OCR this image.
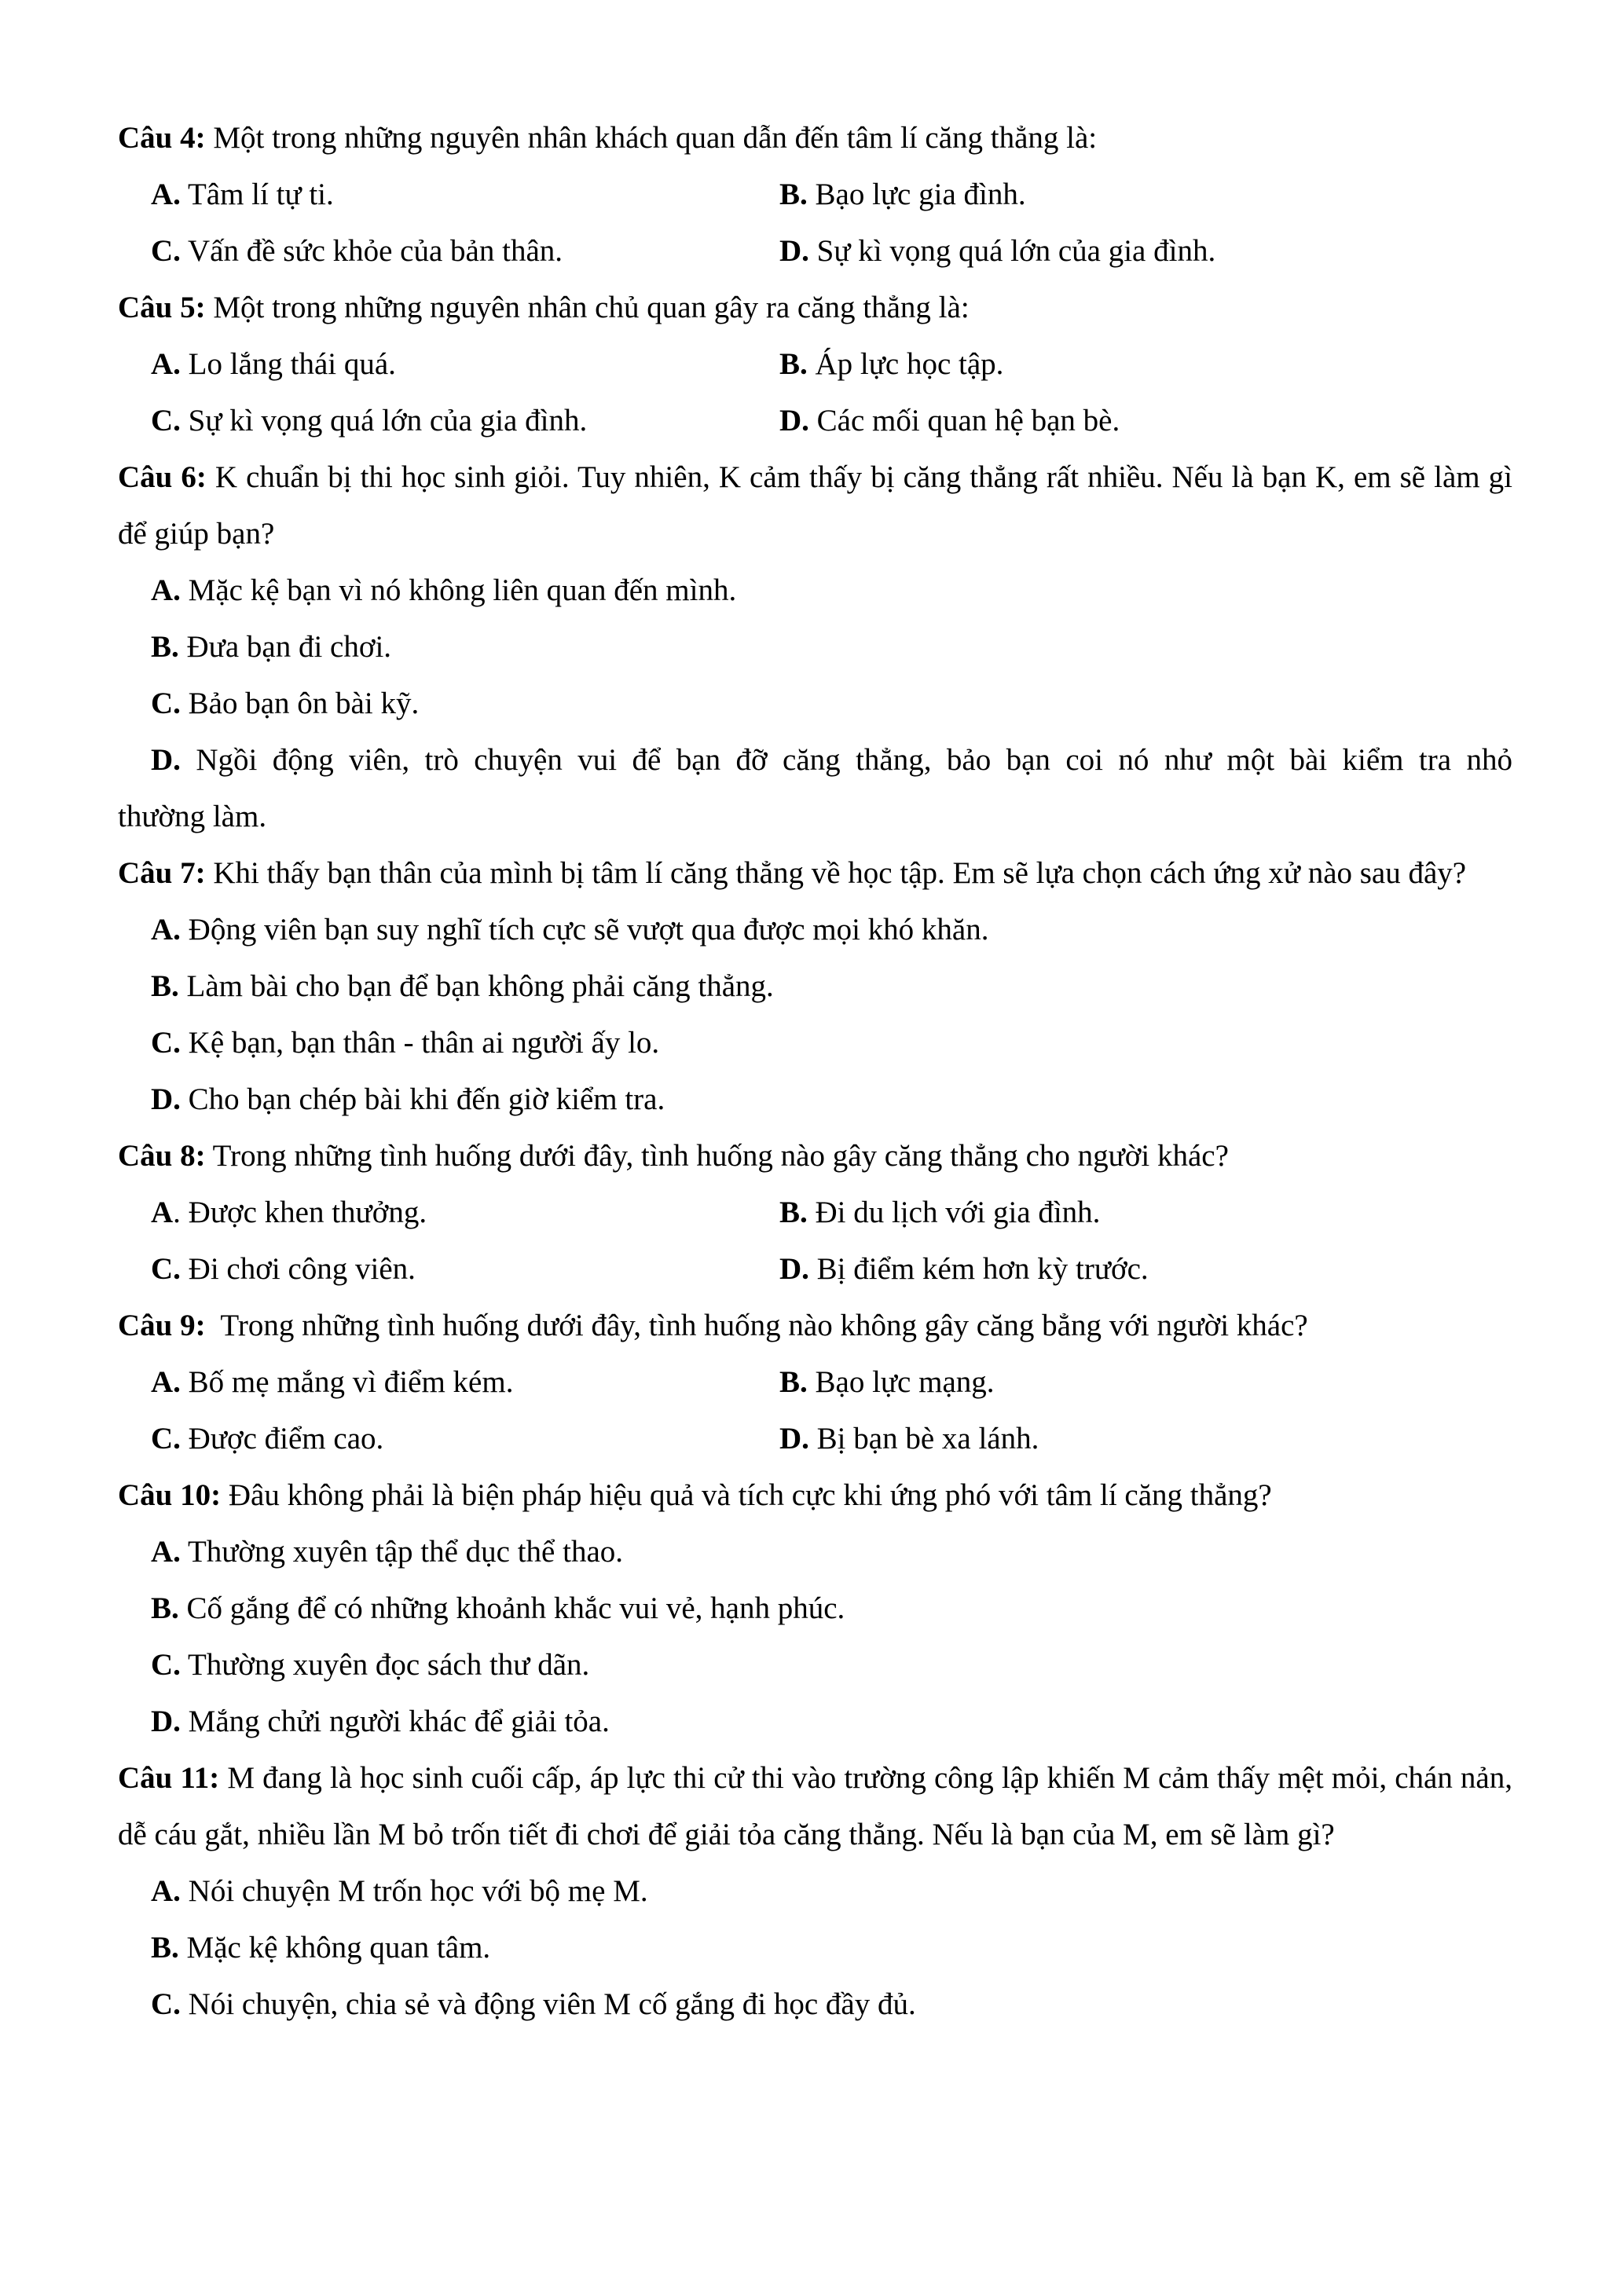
Câu 4: Một trong những nguyên nhân khách quan dẫn đến tâm lí căng thẳng là:

A. Tâm lí tự ti.	B. Bạo lực gia đình.

C. Vấn đề sức khỏe của bản thân.	D. Sự kì vọng quá lớn của gia đình.

Câu 5: Một trong những nguyên nhân chủ quan gây ra căng thẳng là:

A. Lo lắng thái quá.	B. Áp lực học tập.

C. Sự kì vọng quá lớn của gia đình.	D. Các mối quan hệ bạn bè.

Câu 6: K chuẩn bị thi học sinh giỏi. Tuy nhiên, K cảm thấy bị căng thẳng rất nhiều. Nếu là bạn K, em sẽ làm gì để giúp bạn?

A. Mặc kệ bạn vì nó không liên quan đến mình.

B. Đưa bạn đi chơi.

C. Bảo bạn ôn bài kỹ.

D. Ngồi động viên, trò chuyện vui để bạn đỡ căng thẳng, bảo bạn coi nó như một bài kiểm tra nhỏ

thường làm.

Câu 7: Khi thấy bạn thân của mình bị tâm lí căng thẳng về học tập. Em sẽ lựa chọn cách ứng xử nào sau đây?

A. Động viên bạn suy nghĩ tích cực sẽ vượt qua được mọi khó khăn.

B. Làm bài cho bạn để bạn không phải căng thẳng.

C. Kệ bạn, bạn thân - thân ai người ấy lo.

D. Cho bạn chép bài khi đến giờ kiểm tra.

Câu 8: Trong những tình huống dưới đây, tình huống nào gây căng thẳng cho người khác?

A. Được khen thưởng.	B. Đi du lịch với gia đình.

C. Đi chơi công viên.	D. Bị điểm kém hơn kỳ trước.

Câu 9:  Trong những tình huống dưới đây, tình huống nào không gây căng bẳng với người khác?

A. Bố mẹ mắng vì điểm kém.	B. Bạo lực mạng.

C. Được điểm cao.	D. Bị bạn bè xa lánh.

Câu 10: Đâu không phải là biện pháp hiệu quả và tích cực khi ứng phó với tâm lí căng thẳng?

A. Thường xuyên tập thể dục thể thao.

B. Cố gắng để có những khoảnh khắc vui vẻ, hạnh phúc.

C. Thường xuyên đọc sách thư dãn.

D. Mắng chửi người khác để giải tỏa.

Câu 11: M đang là học sinh cuối cấp, áp lực thi cử thi vào trường công lập khiến M cảm thấy mệt mỏi, chán nản, dễ cáu gắt, nhiều lần M bỏ trốn tiết đi chơi để giải tỏa căng thẳng. Nếu là bạn của M, em sẽ làm gì?

A. Nói chuyện M trốn học với bộ mẹ M.

B. Mặc kệ không quan tâm.

C. Nói chuyện, chia sẻ và động viên M cố gắng đi học đầy đủ.
